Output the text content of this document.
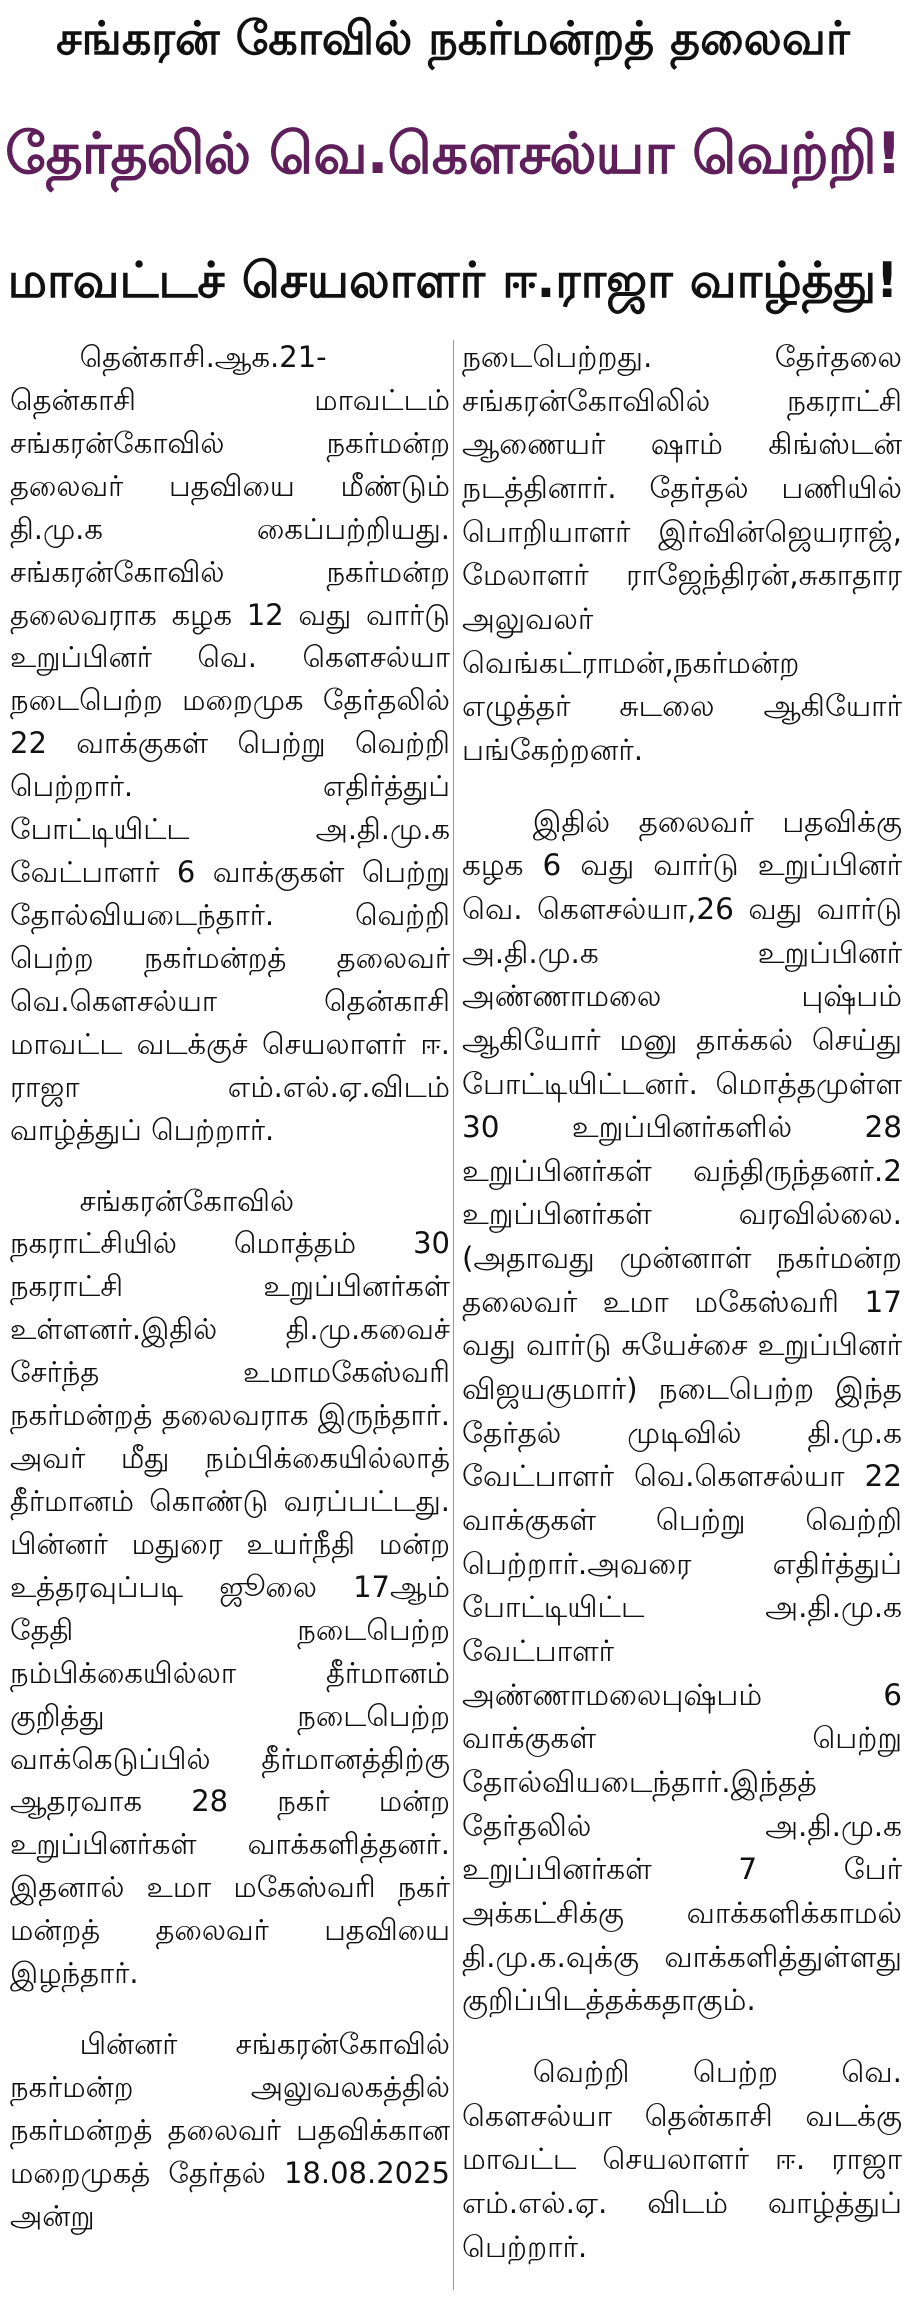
சங்கரன் கோவில் நகர்மன்றத் தலைவர்
தேர்தலில் வெ.கௌசல்யா வெற்றி!
மாவட்டச் செயலாளர் ஈ.ராஜா வாழ்த்து!

தென்காசி.ஆக.21- தென்காசி மாவட்டம் சங்கரன்கோவில் நகர்மன்ற தலைவர் பதவியை மீண்டும் தி.மு.க கைப்பற்றியது. சங்கரன்கோவில் நகர்மன்ற தலைவராக கழக 12 வது வார்டு உறுப்பினர் வெ. கௌசல்யா நடைபெற்ற மறைமுக தேர்தலில் 22 வாக்குகள் பெற்று வெற்றி பெற்றார். எதிர்த்துப் போட்டியிட்ட அ.தி.மு.க வேட்பாளர் 6 வாக்குகள் பெற்று தோல்வியடைந்தார். வெற்றி பெற்ற நகர்மன்றத் தலைவர் வெ.கௌசல்யா தென்காசி மாவட்ட வடக்குச் செயலாளர் ஈ. ராஜா எம்.எல்.ஏ.விடம் வாழ்த்துப் பெற்றார்.

சங்கரன்கோவில் நகராட்சியில் மொத்தம் 30 நகராட்சி உறுப்பினர்கள் உள்ளனர்.இதில் தி.மு.கவைச் சேர்ந்த உமாமகேஸ்வரி நகர்மன்றத் தலைவராக இருந்தார். அவர் மீது நம்பிக்கையில்லாத் தீர்மானம் கொண்டு வரப்பட்டது. பின்னர் மதுரை உயர்நீதி மன்ற உத்தரவுப்படி ஜூலை 17ஆம் தேதி நடைபெற்ற நம்பிக்கையில்லா தீர்மானம் குறித்து நடைபெற்ற வாக்கெடுப்பில் தீர்மானத்திற்கு ஆதரவாக 28 நகர் மன்ற உறுப்பினர்கள் வாக்களித்தனர். இதனால் உமா மகேஸ்வரி நகர் மன்றத் தலைவர் பதவியை இழந்தார்.

பின்னர் சங்கரன்கோவில் நகர்மன்ற அலுவலகத்தில் நகர்மன்றத் தலைவர் பதவிக்கான மறைமுகத் தேர்தல் 18.08.2025 அன்று

நடைபெற்றது. தேர்தலை சங்கரன்கோவிலில் நகராட்சி ஆணையர் ஷாம் கிங்ஸ்டன் நடத்தினார். தேர்தல் பணியில் பொறியாளர் இர்வின்ஜெயராஜ், மேலாளர் ராஜேந்திரன்,சுகாதார அலுவலர் வெங்கட்ராமன்,நகர்மன்ற எழுத்தர் சுடலை ஆகியோர் பங்கேற்றனர்.

இதில் தலைவர் பதவிக்கு கழக 6 வது வார்டு உறுப்பினர் வெ. கௌசல்யா,26 வது வார்டு அ.தி.மு.க உறுப்பினர் அண்ணாமலை புஷ்பம் ஆகியோர் மனு தாக்கல் செய்து போட்டியிட்டனர். மொத்தமுள்ள 30 உறுப்பினர்களில் 28 உறுப்பினர்கள் வந்திருந்தனர்.2 உறுப்பினர்கள் வரவில்லை. (அதாவது முன்னாள் நகர்மன்ற தலைவர் உமா மகேஸ்வரி 17 வது வார்டு சுயேச்சை உறுப்பினர் விஜயகுமார்) நடைபெற்ற இந்த தேர்தல் முடிவில் தி.மு.க வேட்பாளர் வெ.கௌசல்யா 22 வாக்குகள் பெற்று வெற்றி பெற்றார்.அவரை எதிர்த்துப் போட்டியிட்ட அ.தி.மு.க வேட்பாளர் அண்ணாமலைபுஷ்பம் 6 வாக்குகள் பெற்று தோல்வியடைந்தார்.இந்தத் தேர்தலில் அ.தி.மு.க உறுப்பினர்கள் 7 பேர் அக்கட்சிக்கு வாக்களிக்காமல் தி.மு.க.வுக்கு வாக்களித்துள்ளது குறிப்பிடத்தக்கதாகும்.

வெற்றி பெற்ற வெ. கௌசல்யா தென்காசி வடக்கு மாவட்ட செயலாளர் ஈ. ராஜா எம்.எல்.ஏ. விடம் வாழ்த்துப் பெற்றார்.
